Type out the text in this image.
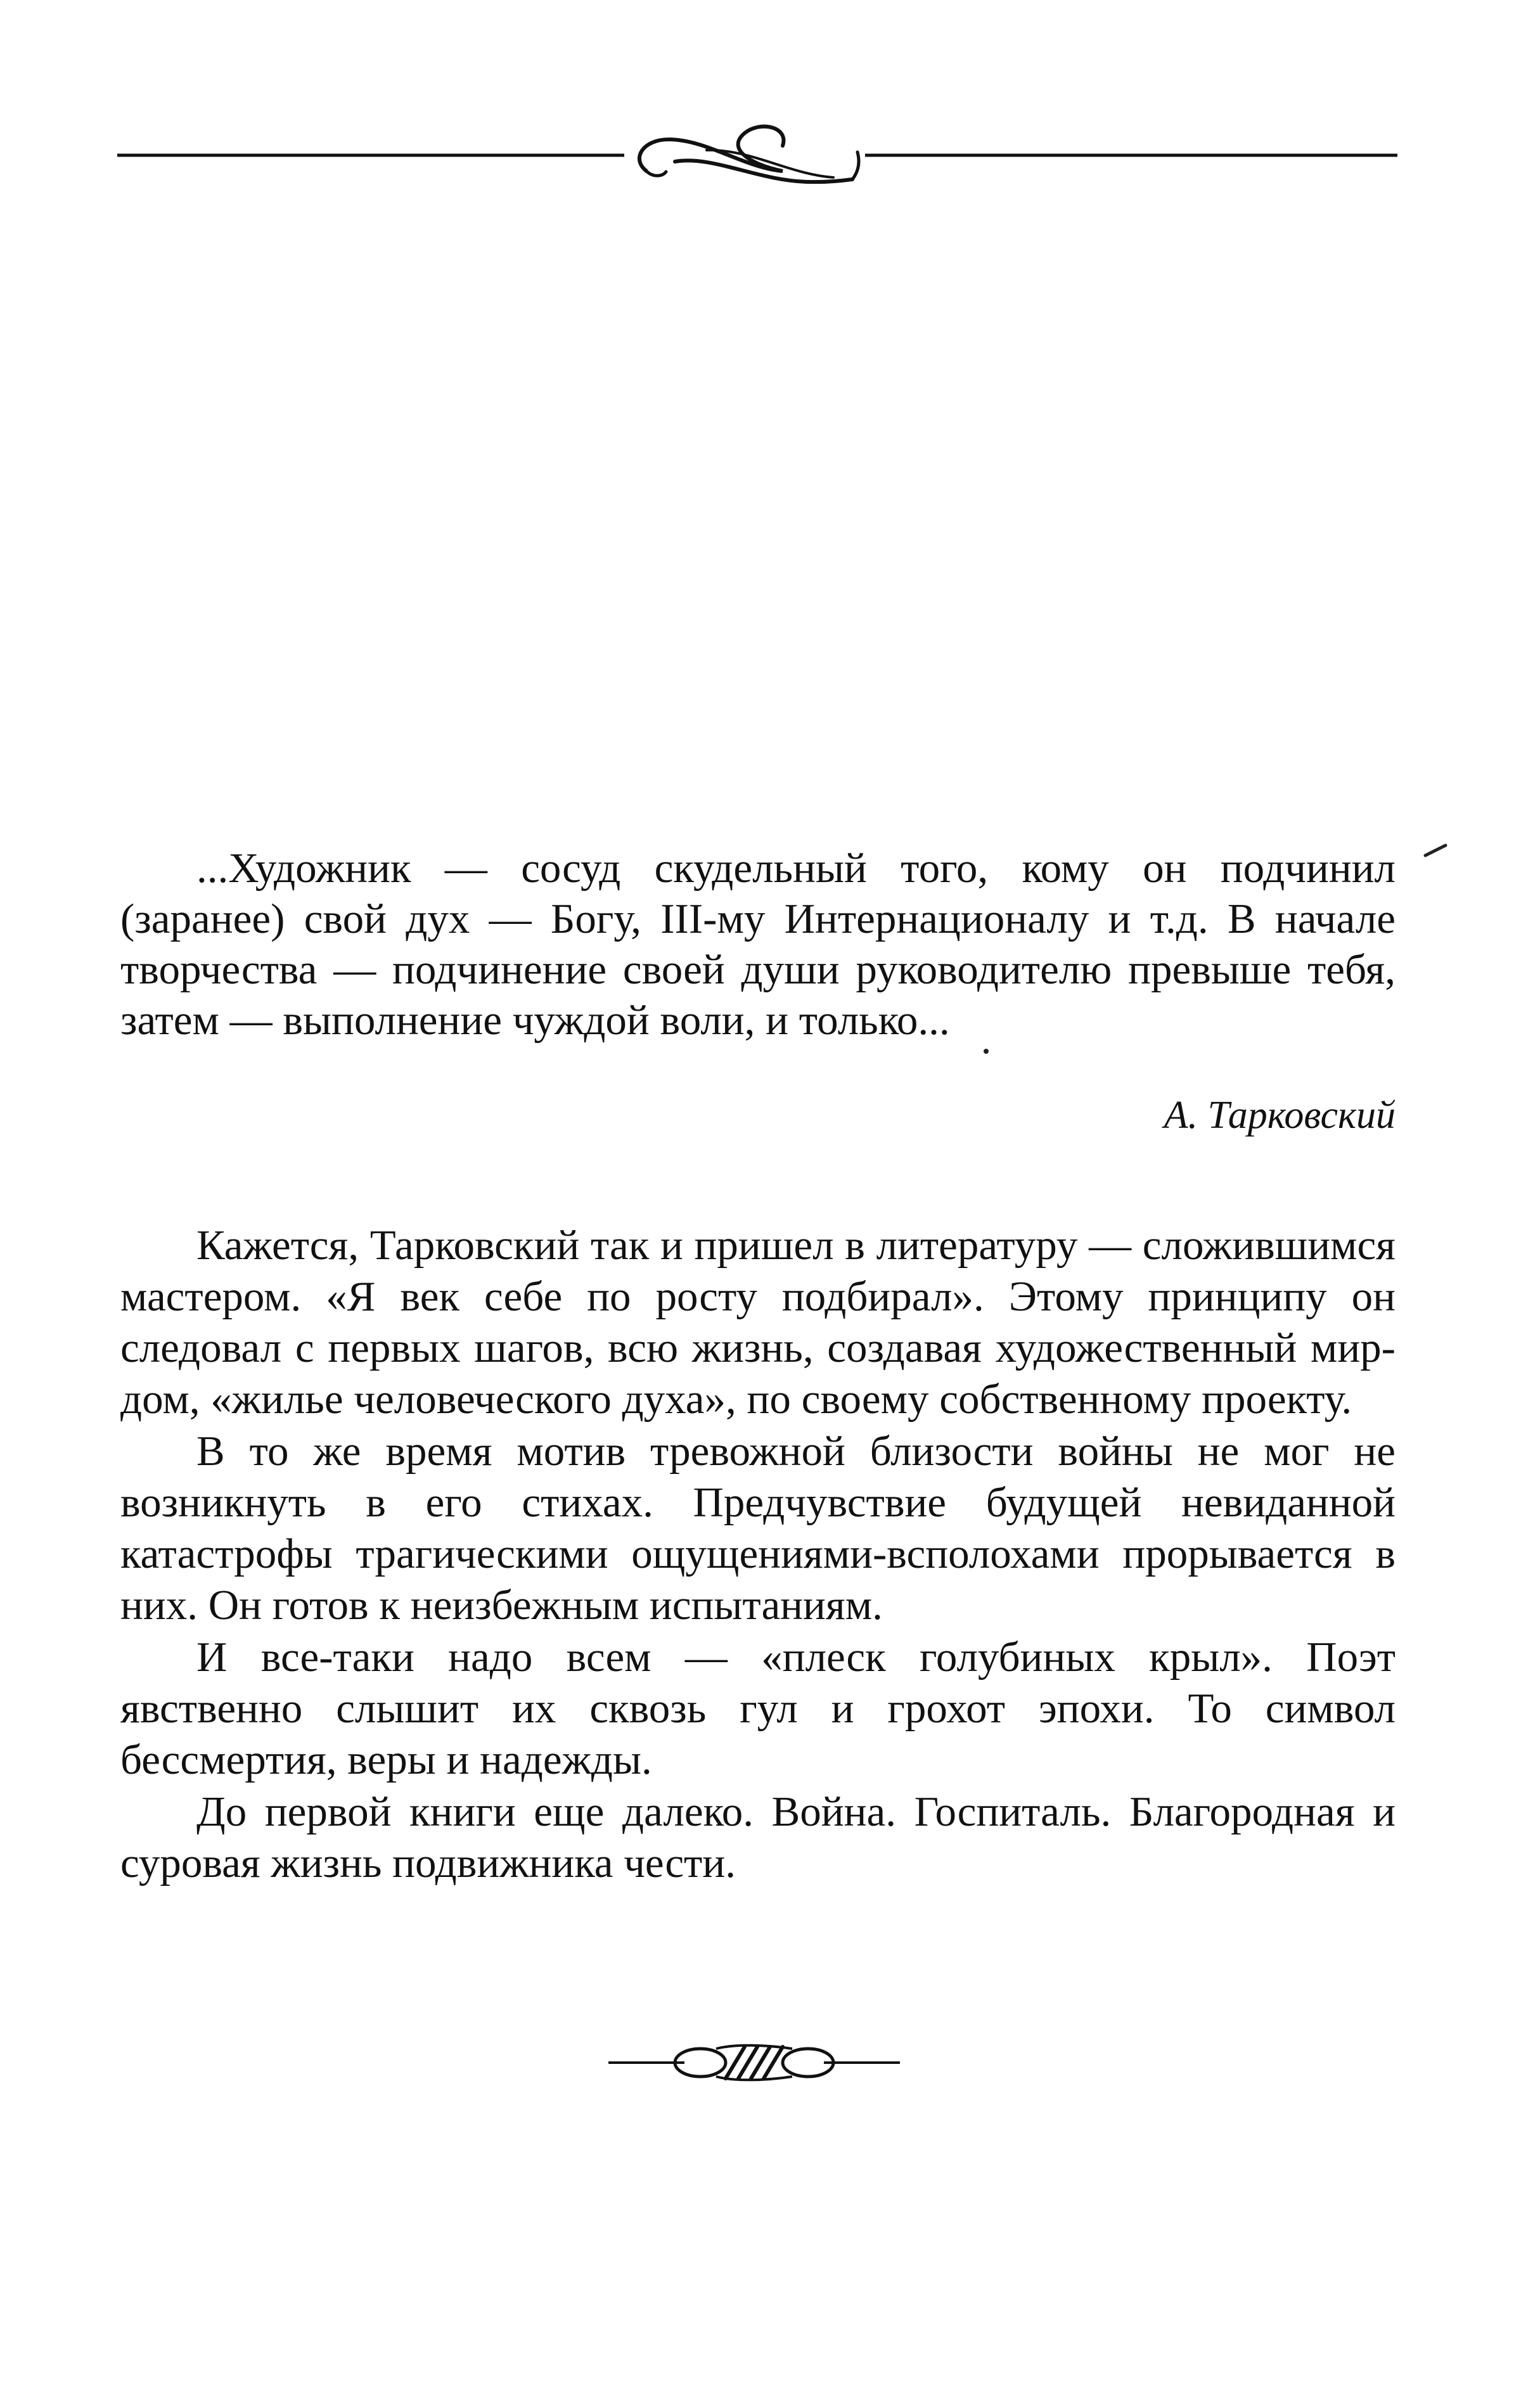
...Художник — сосуд скудельный того, кому он подчинил (заранее) свой дух — Богу, III-му Интернационалу и т.д. В начале творчества — подчинение своей души руководителю превыше тебя, затем — выполнение чуждой воли, и только...

А. Тарковский

Кажется, Тарковский так и пришел в литературу — сложившимся мастером. «Я век себе по росту подбирал». Этому принципу он следовал с первых шагов, всю жизнь, создавая художественный мир-дом, «жилье человеческого духа», по своему собственному проекту.

В то же время мотив тревожной близости войны не мог не возникнуть в его стихах. Предчувствие будущей невиданной катастрофы трагическими ощущениями-всполохами прорывается в них. Он готов к неизбежным испытаниям.

И все-таки надо всем — «плеск голубиных крыл». Поэт явственно слышит их сквозь гул и грохот эпохи. То символ бессмертия, веры и надежды.

До первой книги еще далеко. Война. Госпиталь. Благородная и суровая жизнь подвижника чести.
